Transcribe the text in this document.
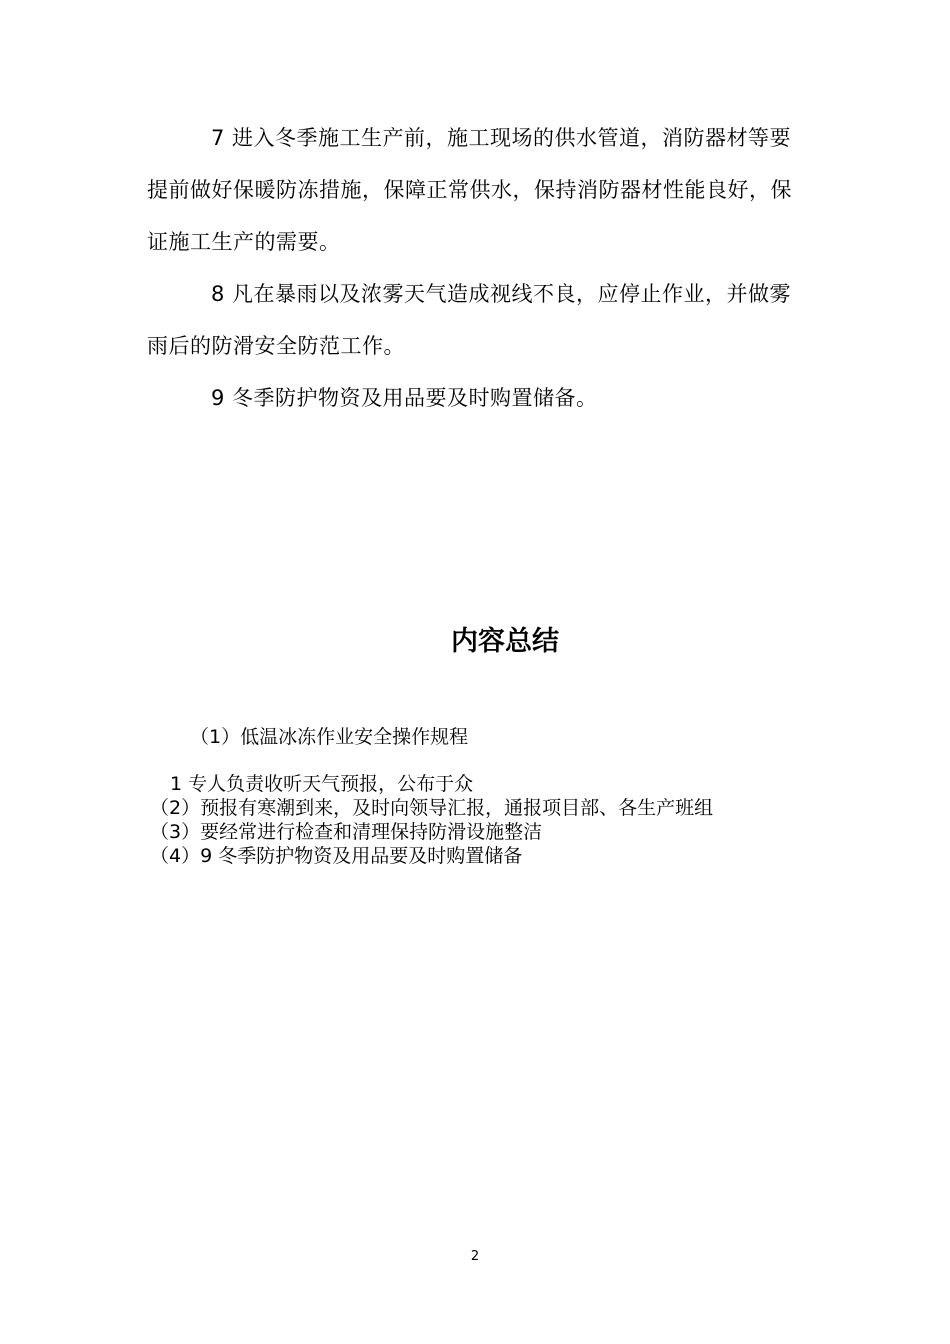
7 进入冬季施工生产前，施工现场的供水管道，消防器材等要提前做好保暖防冻措施，保障正常供水，保持消防器材性能良好，保证施工生产的需要。

8 凡在暴雨以及浓雾天气造成视线不良，应停止作业，并做雾雨后的防滑安全防范工作。

9 冬季防护物资及用品要及时购置储备。

内容总结

（1）低温冰冻作业安全操作规程

1 专人负责收听天气预报，公布于众
（2）预报有寒潮到来，及时向领导汇报，通报项目部、各生产班组
（3）要经常进行检查和清理保持防滑设施整洁
（4）9 冬季防护物资及用品要及时购置储备
2
